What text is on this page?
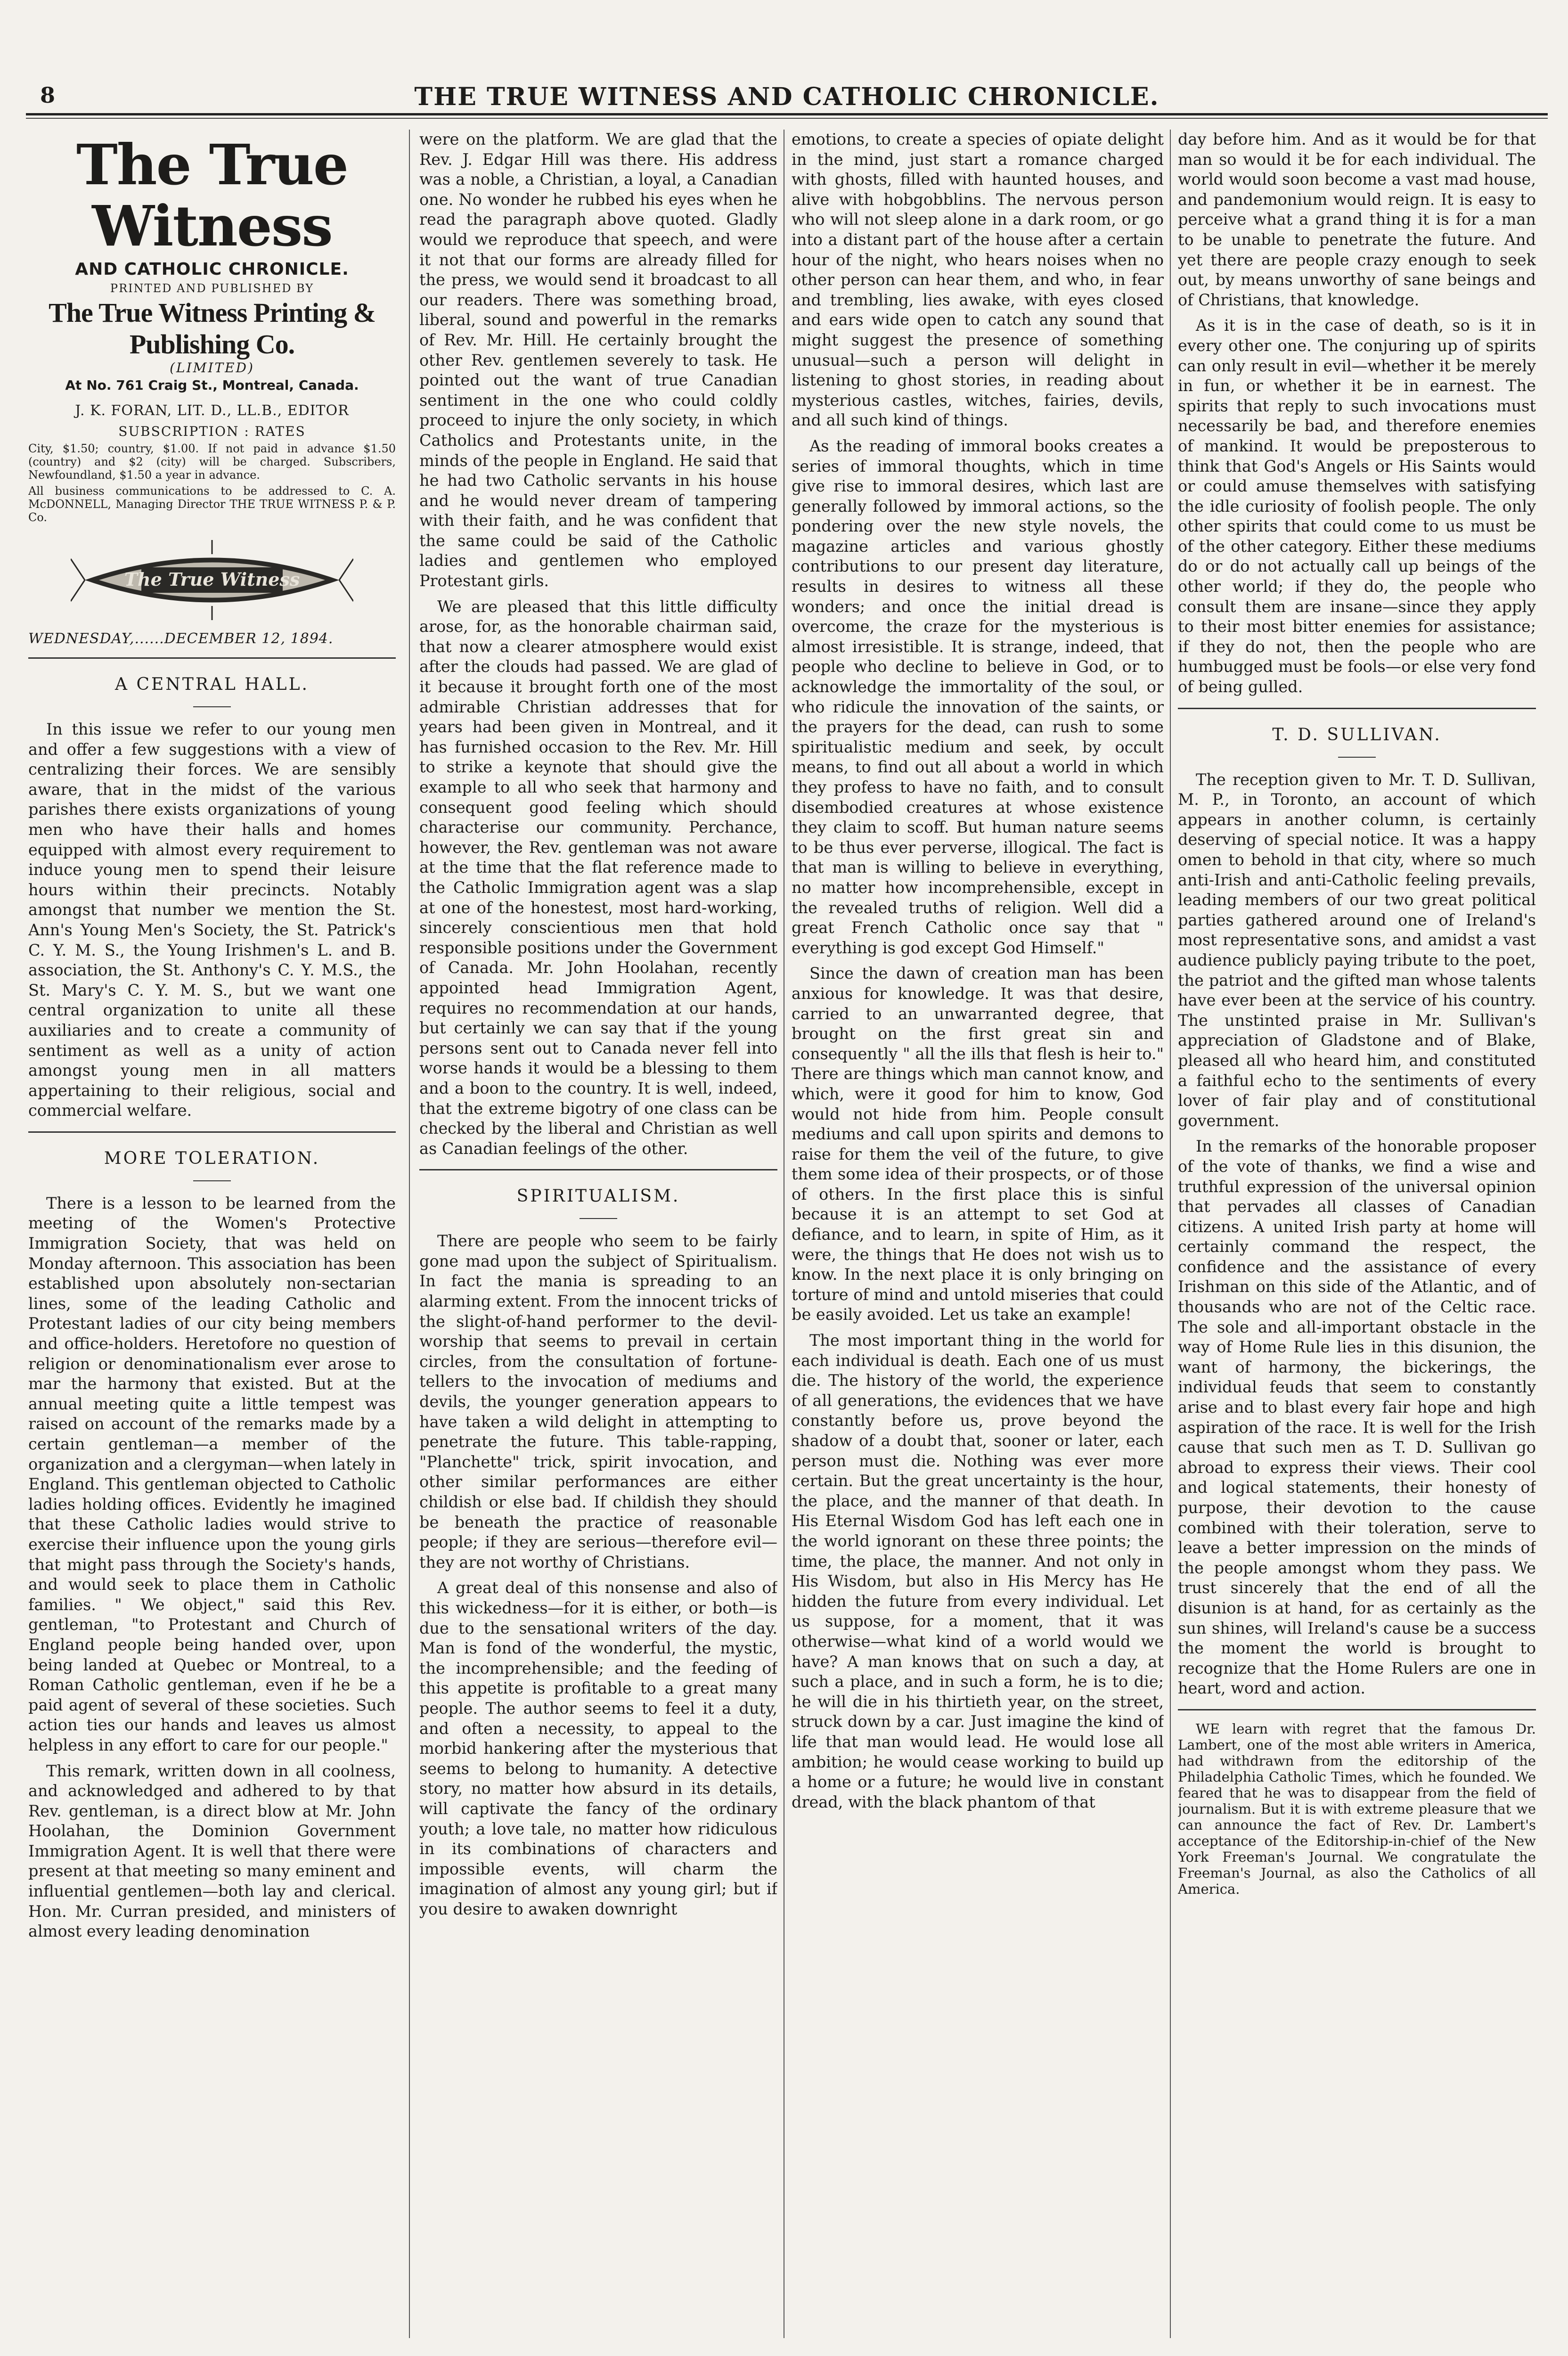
8	THE TRUE WITNESS AND CATHOLIC CHRONICLE.
The True Witness
AND CATHOLIC CHRONICLE.
PRINTED AND PUBLISHED BY
The True Witness Printing & Publishing Co.
(LIMITED)
At No. 761 Craig St., Montreal, Canada.
J. K. FORAN, LIT. D., LL.B., EDITOR
SUBSCRIPTION : RATES
City, $1.50; country, $1.00. If not paid in advance $1.50 (country) and $2 (city) will be charged. Subscribers, Newfoundland, $1.50 a year in advance.
All business communications to be addressed to C. A. McDONNELL, Managing Director THE TRUE WITNESS P. & P. Co.
The True Witness
WEDNESDAY,......DECEMBER 12, 1894.
A CENTRAL HALL.

In this issue we refer to our young men and offer a few suggestions with a view of centralizing their forces. We are sensibly aware, that in the midst of the various parishes there exists organizations of young men who have their halls and homes equipped with almost every requirement to induce young men to spend their leisure hours within their precincts. Notably amongst that number we mention the St. Ann's Young Men's Society, the St. Patrick's C. Y. M. S., the Young Irishmen's L. and B. association, the St. Anthony's C. Y. M.S., the St. Mary's C. Y. M. S., but we want one central organization to unite all these auxiliaries and to create a community of sentiment as well as a unity of action amongst young men in all matters appertaining to their religious, social and commercial welfare.

MORE TOLERATION.

There is a lesson to be learned from the meeting of the Women's Protective Immigration Society, that was held on Monday afternoon. This association has been established upon absolutely non-sectarian lines, some of the leading Catholic and Protestant ladies of our city being members and office-holders. Heretofore no question of religion or denominationalism ever arose to mar the harmony that existed. But at the annual meeting quite a little tempest was raised on account of the remarks made by a certain gentleman—a member of the organization and a clergyman—when lately in England. This gentleman objected to Catholic ladies holding offices. Evidently he imagined that these Catholic ladies would strive to exercise their influence upon the young girls that might pass through the Society's hands, and would seek to place them in Catholic families. " We object," said this Rev. gentleman, "to Protestant and Church of England people being handed over, upon being landed at Quebec or Montreal, to a Roman Catholic gentleman, even if he be a paid agent of several of these societies. Such action ties our hands and leaves us almost helpless in any effort to care for our people."

This remark, written down in all coolness, and acknowledged and adhered to by that Rev. gentleman, is a direct blow at Mr. John Hoolahan, the Dominion Government Immigration Agent. It is well that there were present at that meeting so many eminent and influential gentlemen—both lay and clerical. Hon. Mr. Curran presided, and ministers of almost every leading denomination

were on the platform. We are glad that the Rev. J. Edgar Hill was there. His address was a noble, a Christian, a loyal, a Canadian one. No wonder he rubbed his eyes when he read the paragraph above quoted. Gladly would we reproduce that speech, and were it not that our forms are already filled for the press, we would send it broadcast to all our readers. There was something broad, liberal, sound and powerful in the remarks of Rev. Mr. Hill. He certainly brought the other Rev. gentlemen severely to task. He pointed out the want of true Canadian sentiment in the one who could coldly proceed to injure the only society, in which Catholics and Protestants unite, in the minds of the people in England. He said that he had two Catholic servants in his house and he would never dream of tampering with their faith, and he was confident that the same could be said of the Catholic ladies and gentlemen who employed Protestant girls.

We are pleased that this little difficulty arose, for, as the honorable chairman said, that now a clearer atmosphere would exist after the clouds had passed. We are glad of it because it brought forth one of the most admirable Christian addresses that for years had been given in Montreal, and it has furnished occasion to the Rev. Mr. Hill to strike a keynote that should give the example to all who seek that harmony and consequent good feeling which should characterise our community. Perchance, however, the Rev. gentleman was not aware at the time that the flat reference made to the Catholic Immigration agent was a slap at one of the honestest, most hard-working, sincerely conscientious men that hold responsible positions under the Government of Canada. Mr. John Hoolahan, recently appointed head Immigration Agent, requires no recommendation at our hands, but certainly we can say that if the young persons sent out to Canada never fell into worse hands it would be a blessing to them and a boon to the country. It is well, indeed, that the extreme bigotry of one class can be checked by the liberal and Christian as well as Canadian feelings of the other.

SPIRITUALISM.

There are people who seem to be fairly gone mad upon the subject of Spiritualism. In fact the mania is spreading to an alarming extent. From the innocent tricks of the slight-of-hand performer to the devil-worship that seems to prevail in certain circles, from the consultation of fortune-tellers to the invocation of mediums and devils, the younger generation appears to have taken a wild delight in attempting to penetrate the future. This table-rapping, "Planchette" trick, spirit invocation, and other similar performances are either childish or else bad. If childish they should be beneath the practice of reasonable people; if they are serious—therefore evil—they are not worthy of Christians.

A great deal of this nonsense and also of this wickedness—for it is either, or both—is due to the sensational writers of the day. Man is fond of the wonderful, the mystic, the incomprehensible; and the feeding of this appetite is profitable to a great many people. The author seems to feel it a duty, and often a necessity, to appeal to the morbid hankering after the mysterious that seems to belong to humanity. A detective story, no matter how absurd in its details, will captivate the fancy of the ordinary youth; a love tale, no matter how ridiculous in its combinations of characters and impossible events, will charm the imagination of almost any young girl; but if you desire to awaken downright

emotions, to create a species of opiate delight in the mind, just start a romance charged with ghosts, filled with haunted houses, and alive with hobgobblins. The nervous person who will not sleep alone in a dark room, or go into a distant part of the house after a certain hour of the night, who hears noises when no other person can hear them, and who, in fear and trembling, lies awake, with eyes closed and ears wide open to catch any sound that might suggest the presence of something unusual—such a person will delight in listening to ghost stories, in reading about mysterious castles, witches, fairies, devils, and all such kind of things.

As the reading of immoral books creates a series of immoral thoughts, which in time give rise to immoral desires, which last are generally followed by immoral actions, so the pondering over the new style novels, the magazine articles and various ghostly contributions to our present day literature, results in desires to witness all these wonders; and once the initial dread is overcome, the craze for the mysterious is almost irresistible. It is strange, indeed, that people who decline to believe in God, or to acknowledge the immortality of the soul, or who ridicule the innovation of the saints, or the prayers for the dead, can rush to some spiritualistic medium and seek, by occult means, to find out all about a world in which they profess to have no faith, and to consult disembodied creatures at whose existence they claim to scoff. But human nature seems to be thus ever perverse, illogical. The fact is that man is willing to believe in everything, no matter how incomprehensible, except in the revealed truths of religion. Well did a great French Catholic once say that " everything is god except God Himself."

Since the dawn of creation man has been anxious for knowledge. It was that desire, carried to an unwarranted degree, that brought on the first great sin and consequently " all the ills that flesh is heir to." There are things which man cannot know, and which, were it good for him to know, God would not hide from him. People consult mediums and call upon spirits and demons to raise for them the veil of the future, to give them some idea of their prospects, or of those of others. In the first place this is sinful because it is an attempt to set God at defiance, and to learn, in spite of Him, as it were, the things that He does not wish us to know. In the next place it is only bringing on torture of mind and untold miseries that could be easily avoided. Let us take an example!

The most important thing in the world for each individual is death. Each one of us must die. The history of the world, the experience of all generations, the evidences that we have constantly before us, prove beyond the shadow of a doubt that, sooner or later, each person must die. Nothing was ever more certain. But the great uncertainty is the hour, the place, and the manner of that death. In His Eternal Wisdom God has left each one in the world ignorant on these three points; the time, the place, the manner. And not only in His Wisdom, but also in His Mercy has He hidden the future from every individual. Let us suppose, for a moment, that it was otherwise—what kind of a world would we have? A man knows that on such a day, at such a place, and in such a form, he is to die; he will die in his thirtieth year, on the street, struck down by a car. Just imagine the kind of life that man would lead. He would lose all ambition; he would cease working to build up a home or a future; he would live in constant dread, with the black phantom of that

day before him. And as it would be for that man so would it be for each individual. The world would soon become a vast mad house, and pandemonium would reign. It is easy to perceive what a grand thing it is for a man to be unable to penetrate the future. And yet there are people crazy enough to seek out, by means unworthy of sane beings and of Christians, that knowledge.

As it is in the case of death, so is it in every other one. The conjuring up of spirits can only result in evil—whether it be merely in fun, or whether it be in earnest. The spirits that reply to such invocations must necessarily be bad, and therefore enemies of mankind. It would be preposterous to think that God's Angels or His Saints would or could amuse themselves with satisfying the idle curiosity of foolish people. The only other spirits that could come to us must be of the other category. Either these mediums do or do not actually call up beings of the other world; if they do, the people who consult them are insane—since they apply to their most bitter enemies for assistance; if they do not, then the people who are humbugged must be fools—or else very fond of being gulled.

T. D. SULLIVAN.

The reception given to Mr. T. D. Sullivan, M. P., in Toronto, an account of which appears in another column, is certainly deserving of special notice. It was a happy omen to behold in that city, where so much anti-Irish and anti-Catholic feeling prevails, leading members of our two great political parties gathered around one of Ireland's most representative sons, and amidst a vast audience publicly paying tribute to the poet, the patriot and the gifted man whose talents have ever been at the service of his country. The unstinted praise in Mr. Sullivan's appreciation of Gladstone and of Blake, pleased all who heard him, and constituted a faithful echo to the sentiments of every lover of fair play and of constitutional government.

In the remarks of the honorable proposer of the vote of thanks, we find a wise and truthful expression of the universal opinion that pervades all classes of Canadian citizens. A united Irish party at home will certainly command the respect, the confidence and the assistance of every Irishman on this side of the Atlantic, and of thousands who are not of the Celtic race. The sole and all-important obstacle in the way of Home Rule lies in this disunion, the want of harmony, the bickerings, the individual feuds that seem to constantly arise and to blast every fair hope and high aspiration of the race. It is well for the Irish cause that such men as T. D. Sullivan go abroad to express their views. Their cool and logical statements, their honesty of purpose, their devotion to the cause combined with their toleration, serve to leave a better impression on the minds of the people amongst whom they pass. We trust sincerely that the end of all the disunion is at hand, for as certainly as the sun shines, will Ireland's cause be a success the moment the world is brought to recognize that the Home Rulers are one in heart, word and action.

WE learn with regret that the famous Dr. Lambert, one of the most able writers in America, had withdrawn from the editorship of the Philadelphia Catholic Times, which he founded. We feared that he was to disappear from the field of journalism. But it is with extreme pleasure that we can announce the fact of Rev. Dr. Lambert's acceptance of the Editorship-in-chief of the New York Freeman's Journal. We congratulate the Freeman's Journal, as also the Catholics of all America.
